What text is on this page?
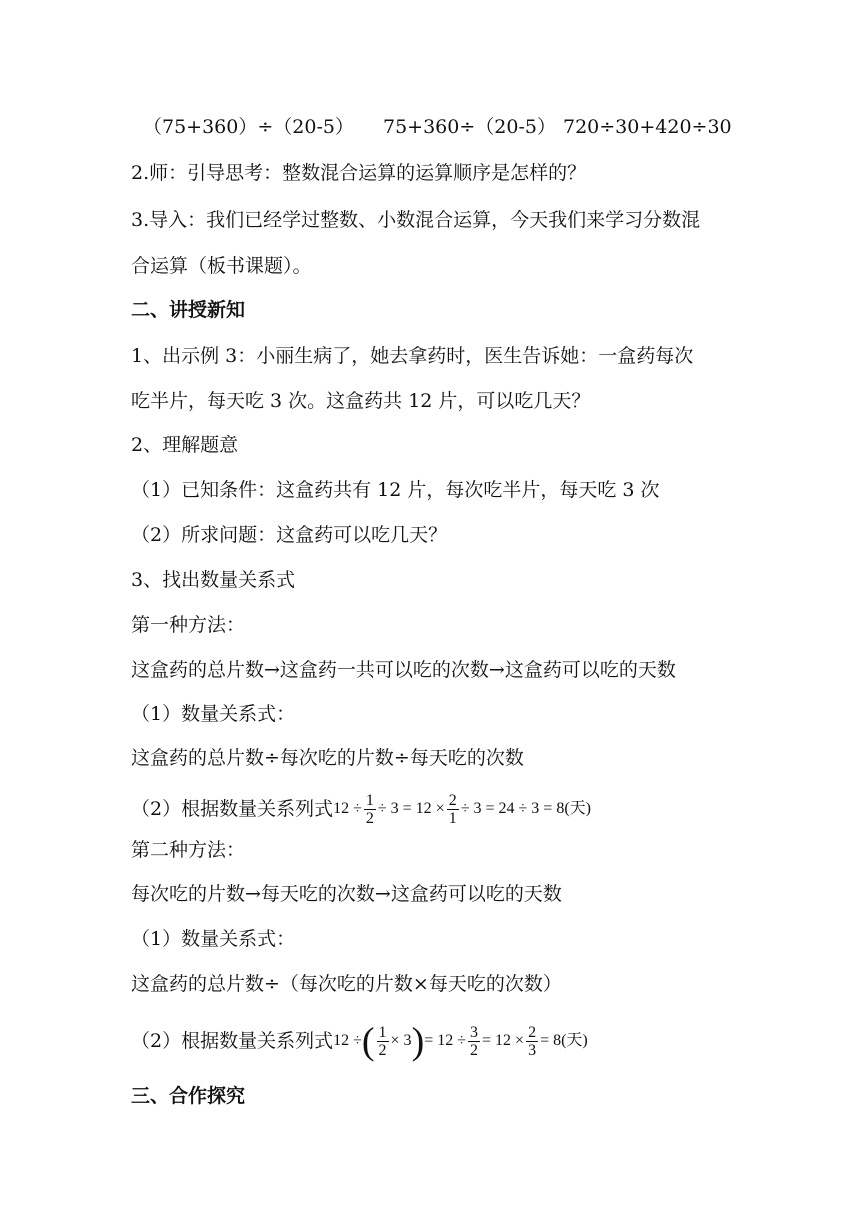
（75+360）÷（20-5） 75+360÷（20-5） 720÷30+420÷30
2.师：引导思考：整数混合运算的运算顺序是怎样的？
3.导入：我们已经学过整数、小数混合运算，今天我们来学习分数混
合运算（板书课题）。
二、讲授新知
1、出示例 3：小丽生病了，她去拿药时，医生告诉她：一盒药每次
吃半片，每天吃 3 次。这盒药共 12 片，可以吃几天？
2、理解题意
（1）已知条件：这盒药共有 12 片，每次吃半片，每天吃 3 次
（2）所求问题：这盒药可以吃几天？
3、找出数量关系式
第一种方法：
这盒药的总片数→这盒药一共可以吃的次数→这盒药可以吃的天数
（1）数量关系式：
这盒药的总片数÷每次吃的片数÷每天吃的次数
（2）根据数量关系列式$12 \div \frac{1}{2} \div 3 = 12 \times \frac{2}{1} \div 3 = 24 \div 3 = 8$(天)
第二种方法：
每次吃的片数→每天吃的次数→这盒药可以吃的天数
（1）数量关系式：
这盒药的总片数÷（每次吃的片数×每天吃的次数）
（2）根据数量关系列式12 ÷( $\frac{1}{2} \times 3)= 12 \div \frac{3}{2} = 12 \times \frac{2}{3} = 8$(天)
三、合作探究
